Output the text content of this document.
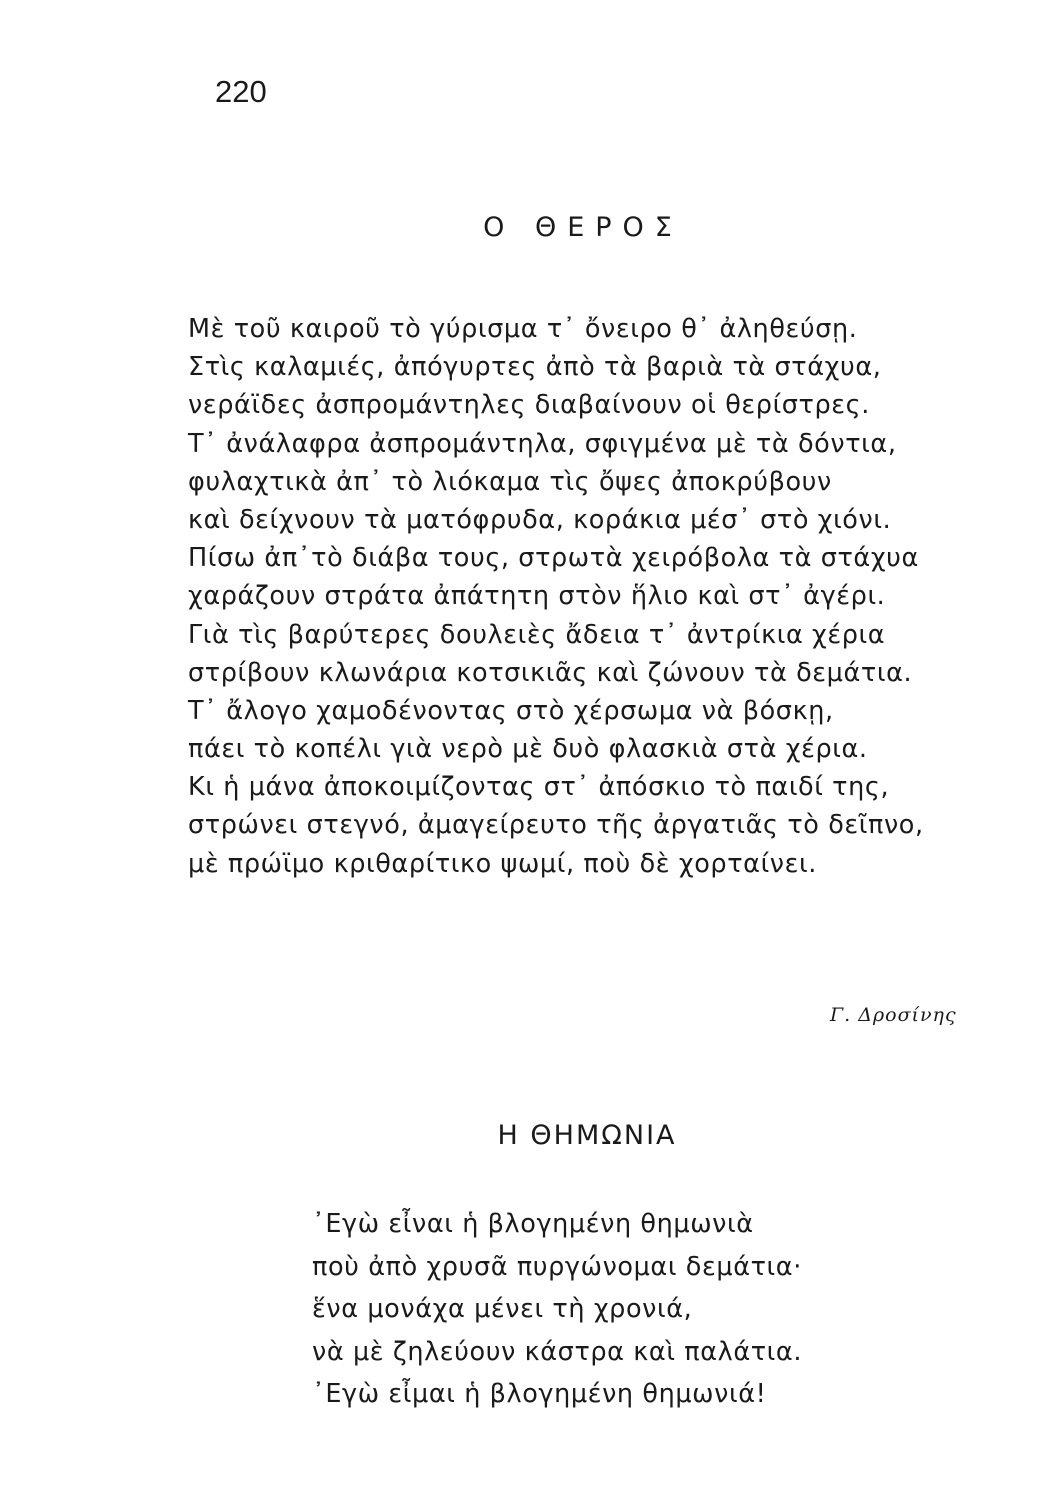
220
Ο ΘΕΡΟΣ
Μὲ τοῦ καιροῦ τὸ γύρισμα τ᾽ ὄνειρο θ᾽ ἀληθεύσῃ.
Στὶς καλαμιές, ἀπόγυρτες ἀπὸ τὰ βαριὰ τὰ στάχυα,
νεράϊδες ἀσπρομάντηλες διαβαίνουν οἱ θερίστρες.
Τ᾽ ἀνάλαφρα ἀσπρομάντηλα, σφιγμένα μὲ τὰ δόντια,
φυλαχτικὰ ἀπ᾽ τὸ λιόκαμα τὶς ὄψες ἀποκρύβουν
καὶ δείχνουν τὰ ματόφρυδα, κοράκια μέσ᾽ στὸ χιόνι.
Πίσω ἀπ᾽τὸ διάβα τους, στρωτὰ χειρόβολα τὰ στάχυα
χαράζουν στράτα ἀπάτητη στὸν ἥλιο καὶ στ᾽ ἀγέρι.
Γιὰ τὶς βαρύτερες δουλειὲς ἄδεια τ᾽ ἀντρίκια χέρια
στρίβουν κλωνάρια κοτσικιᾶς καὶ ζώνουν τὰ δεμάτια.
Τ᾽ ἄλογο χαμοδένοντας στὸ χέρσωμα νὰ βόσκῃ,
πάει τὸ κοπέλι γιὰ νερὸ μὲ δυὸ φλασκιὰ στὰ χέρια.
Κι ἡ μάνα ἀποκοιμίζοντας στ᾽ ἀπόσκιο τὸ παιδί της,
στρώνει στεγνό, ἀμαγείρευτο τῆς ἀργατιᾶς τὸ δεῖπνο,
μὲ πρώϊμο κριθαρίτικο ψωμί, ποὺ δὲ χορταίνει.
Γ. Δροσίνης
Η ΘΗΜΩΝΙΑ
᾽Εγὼ εἶναι ἡ βλογημένη θημωνιὰ
ποὺ ἀπὸ χρυσᾶ πυργώνομαι δεμάτια·
ἕνα μονάχα μένει τὴ χρονιά,
νὰ μὲ ζηλεύουν κάστρα καὶ παλάτια.
᾽Εγὼ εἶμαι ἡ βλογημένη θημωνιά!
